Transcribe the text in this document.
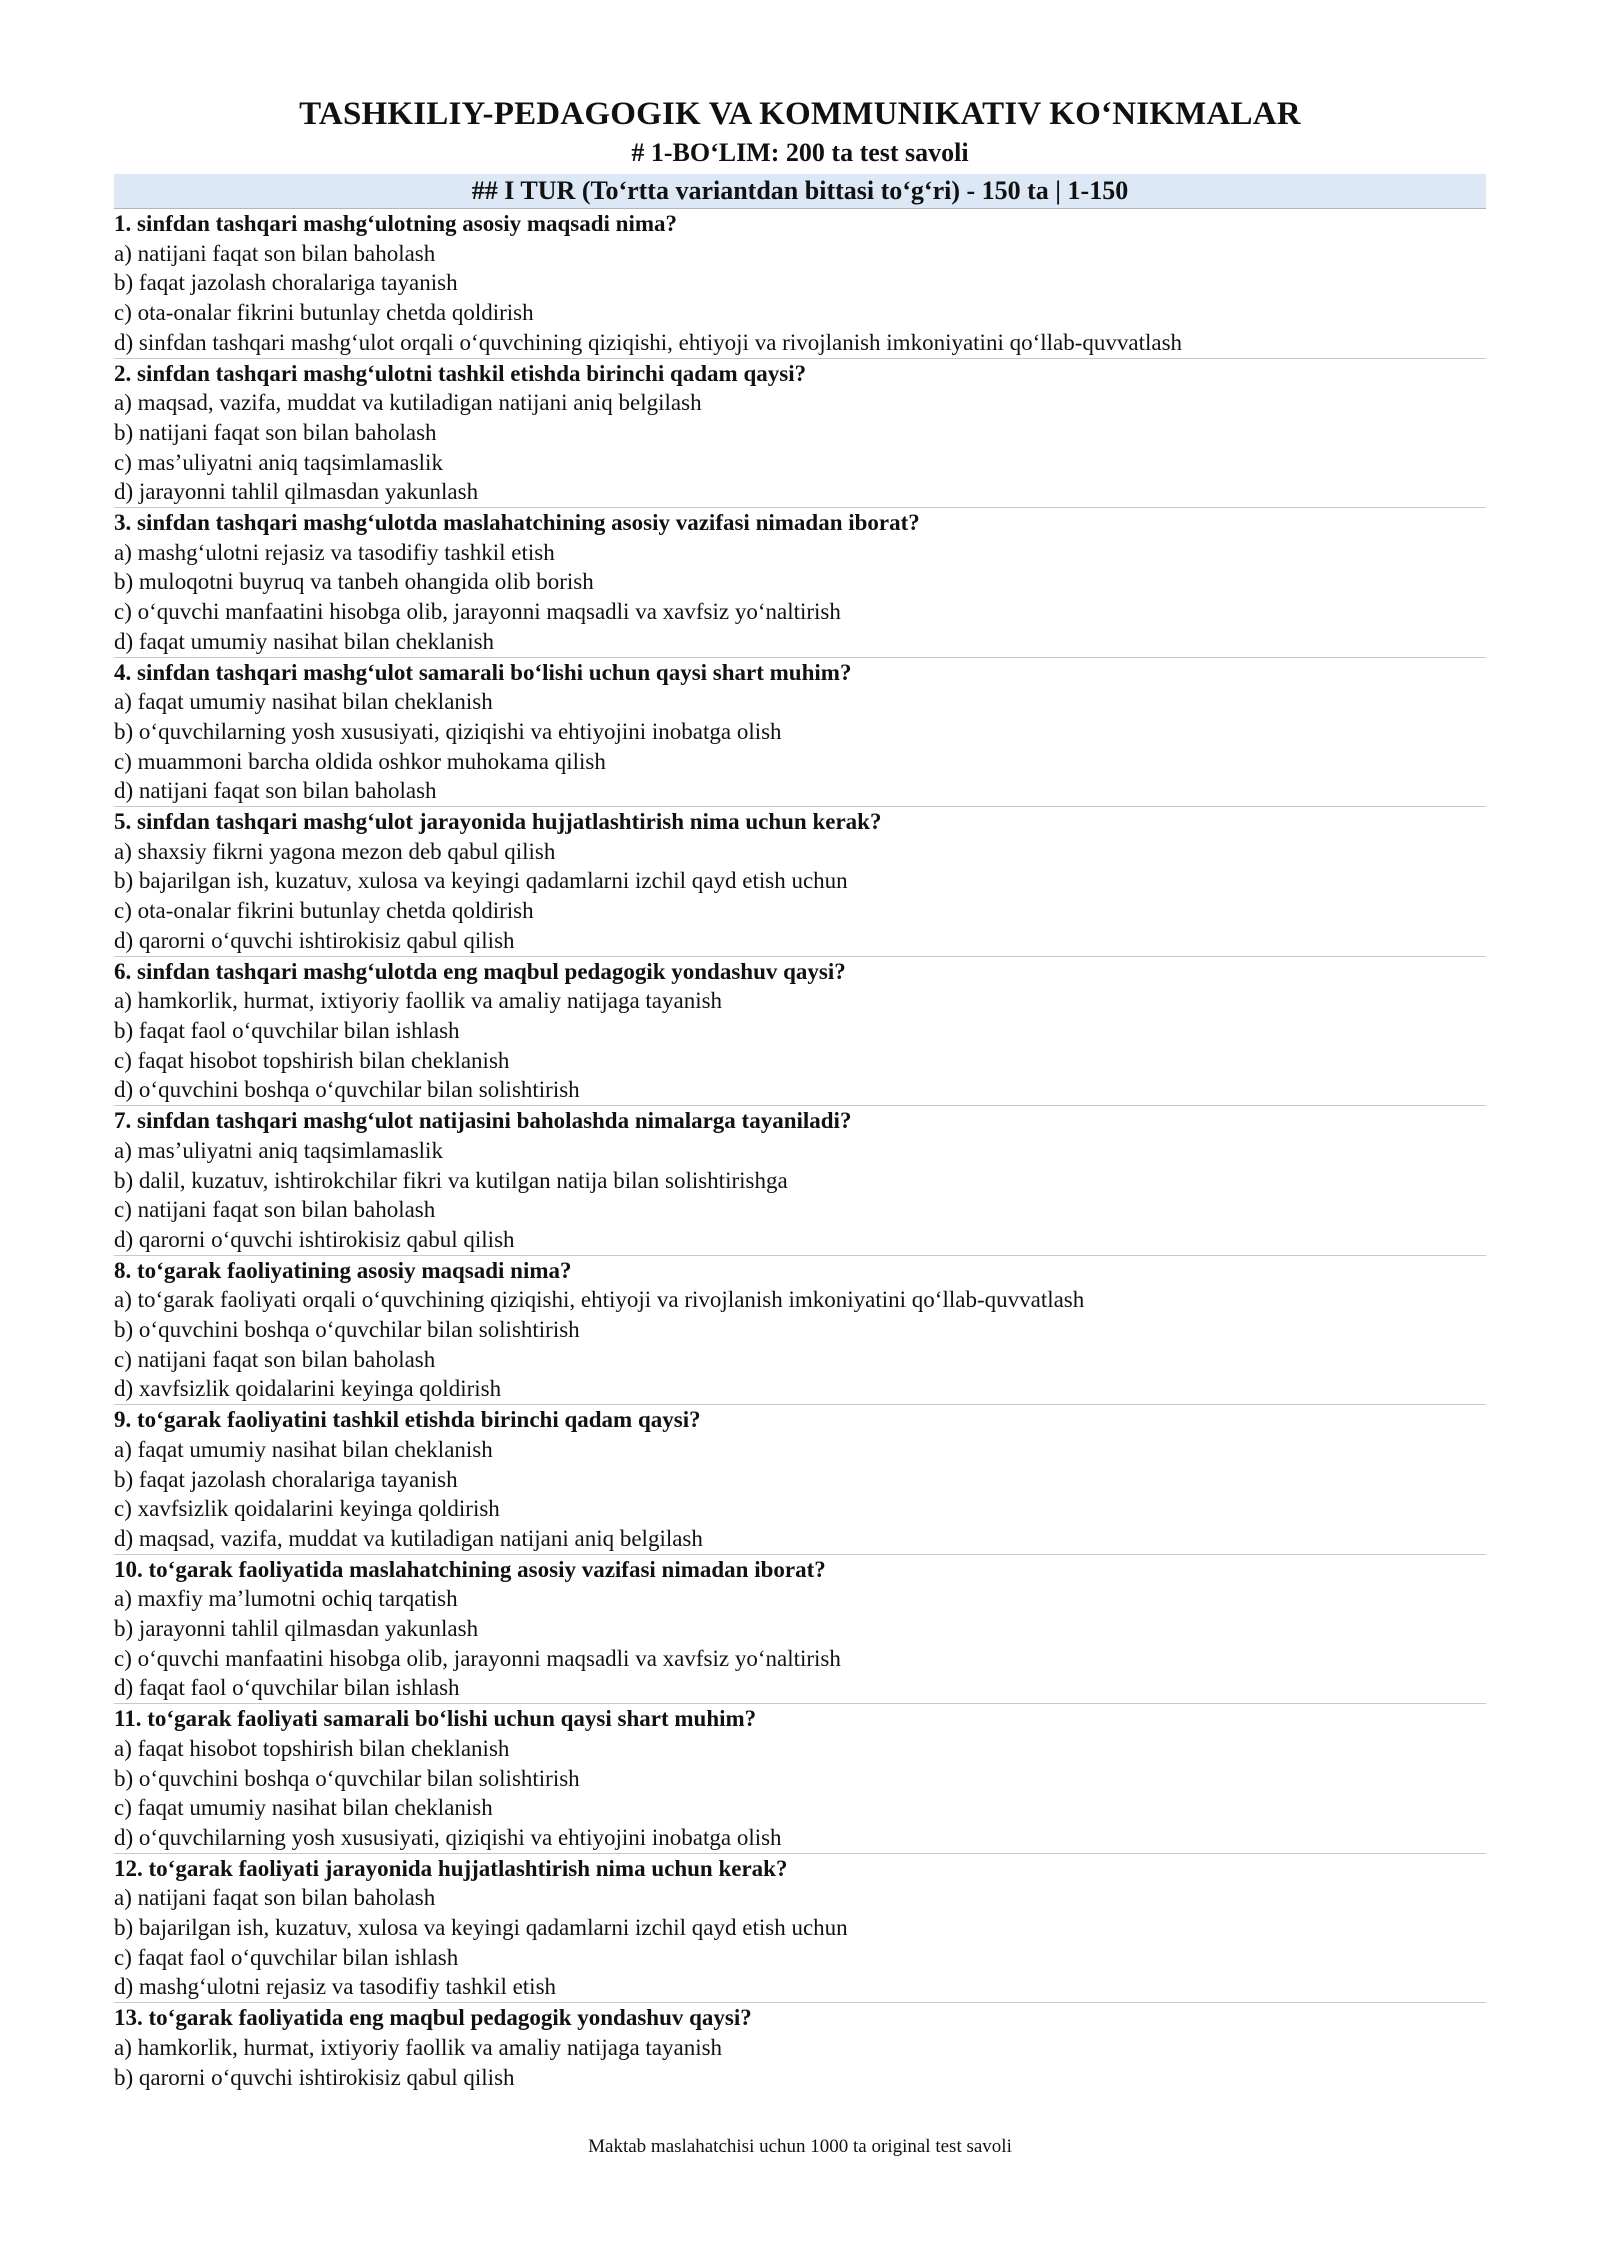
TASHKILIY-PEDAGOGIK VA KOMMUNIKATIV KO‘NIKMALAR
# 1-BO‘LIM: 200 ta test savoli
## I TUR (To‘rtta variantdan bittasi to‘g‘ri) - 150 ta | 1-150
1. sinfdan tashqari mashg‘ulotning asosiy maqsadi nima?
a) natijani faqat son bilan baholash
b) faqat jazolash choralariga tayanish
c) ota-onalar fikrini butunlay chetda qoldirish
d) sinfdan tashqari mashg‘ulot orqali o‘quvchining qiziqishi, ehtiyoji va rivojlanish imkoniyatini qo‘llab-quvvatlash
2. sinfdan tashqari mashg‘ulotni tashkil etishda birinchi qadam qaysi?
a) maqsad, vazifa, muddat va kutiladigan natijani aniq belgilash
b) natijani faqat son bilan baholash
c) mas’uliyatni aniq taqsimlamaslik
d) jarayonni tahlil qilmasdan yakunlash
3. sinfdan tashqari mashg‘ulotda maslahatchining asosiy vazifasi nimadan iborat?
a) mashg‘ulotni rejasiz va tasodifiy tashkil etish
b) muloqotni buyruq va tanbeh ohangida olib borish
c) o‘quvchi manfaatini hisobga olib, jarayonni maqsadli va xavfsiz yo‘naltirish
d) faqat umumiy nasihat bilan cheklanish
4. sinfdan tashqari mashg‘ulot samarali bo‘lishi uchun qaysi shart muhim?
a) faqat umumiy nasihat bilan cheklanish
b) o‘quvchilarning yosh xususiyati, qiziqishi va ehtiyojini inobatga olish
c) muammoni barcha oldida oshkor muhokama qilish
d) natijani faqat son bilan baholash
5. sinfdan tashqari mashg‘ulot jarayonida hujjatlashtirish nima uchun kerak?
a) shaxsiy fikrni yagona mezon deb qabul qilish
b) bajarilgan ish, kuzatuv, xulosa va keyingi qadamlarni izchil qayd etish uchun
c) ota-onalar fikrini butunlay chetda qoldirish
d) qarorni o‘quvchi ishtirokisiz qabul qilish
6. sinfdan tashqari mashg‘ulotda eng maqbul pedagogik yondashuv qaysi?
a) hamkorlik, hurmat, ixtiyoriy faollik va amaliy natijaga tayanish
b) faqat faol o‘quvchilar bilan ishlash
c) faqat hisobot topshirish bilan cheklanish
d) o‘quvchini boshqa o‘quvchilar bilan solishtirish
7. sinfdan tashqari mashg‘ulot natijasini baholashda nimalarga tayaniladi?
a) mas’uliyatni aniq taqsimlamaslik
b) dalil, kuzatuv, ishtirokchilar fikri va kutilgan natija bilan solishtirishga
c) natijani faqat son bilan baholash
d) qarorni o‘quvchi ishtirokisiz qabul qilish
8. to‘garak faoliyatining asosiy maqsadi nima?
a) to‘garak faoliyati orqali o‘quvchining qiziqishi, ehtiyoji va rivojlanish imkoniyatini qo‘llab-quvvatlash
b) o‘quvchini boshqa o‘quvchilar bilan solishtirish
c) natijani faqat son bilan baholash
d) xavfsizlik qoidalarini keyinga qoldirish
9. to‘garak faoliyatini tashkil etishda birinchi qadam qaysi?
a) faqat umumiy nasihat bilan cheklanish
b) faqat jazolash choralariga tayanish
c) xavfsizlik qoidalarini keyinga qoldirish
d) maqsad, vazifa, muddat va kutiladigan natijani aniq belgilash
10. to‘garak faoliyatida maslahatchining asosiy vazifasi nimadan iborat?
a) maxfiy ma’lumotni ochiq tarqatish
b) jarayonni tahlil qilmasdan yakunlash
c) o‘quvchi manfaatini hisobga olib, jarayonni maqsadli va xavfsiz yo‘naltirish
d) faqat faol o‘quvchilar bilan ishlash
11. to‘garak faoliyati samarali bo‘lishi uchun qaysi shart muhim?
a) faqat hisobot topshirish bilan cheklanish
b) o‘quvchini boshqa o‘quvchilar bilan solishtirish
c) faqat umumiy nasihat bilan cheklanish
d) o‘quvchilarning yosh xususiyati, qiziqishi va ehtiyojini inobatga olish
12. to‘garak faoliyati jarayonida hujjatlashtirish nima uchun kerak?
a) natijani faqat son bilan baholash
b) bajarilgan ish, kuzatuv, xulosa va keyingi qadamlarni izchil qayd etish uchun
c) faqat faol o‘quvchilar bilan ishlash
d) mashg‘ulotni rejasiz va tasodifiy tashkil etish
13. to‘garak faoliyatida eng maqbul pedagogik yondashuv qaysi?
a) hamkorlik, hurmat, ixtiyoriy faollik va amaliy natijaga tayanish
b) qarorni o‘quvchi ishtirokisiz qabul qilish
Maktab maslahatchisi uchun 1000 ta original test savoli
